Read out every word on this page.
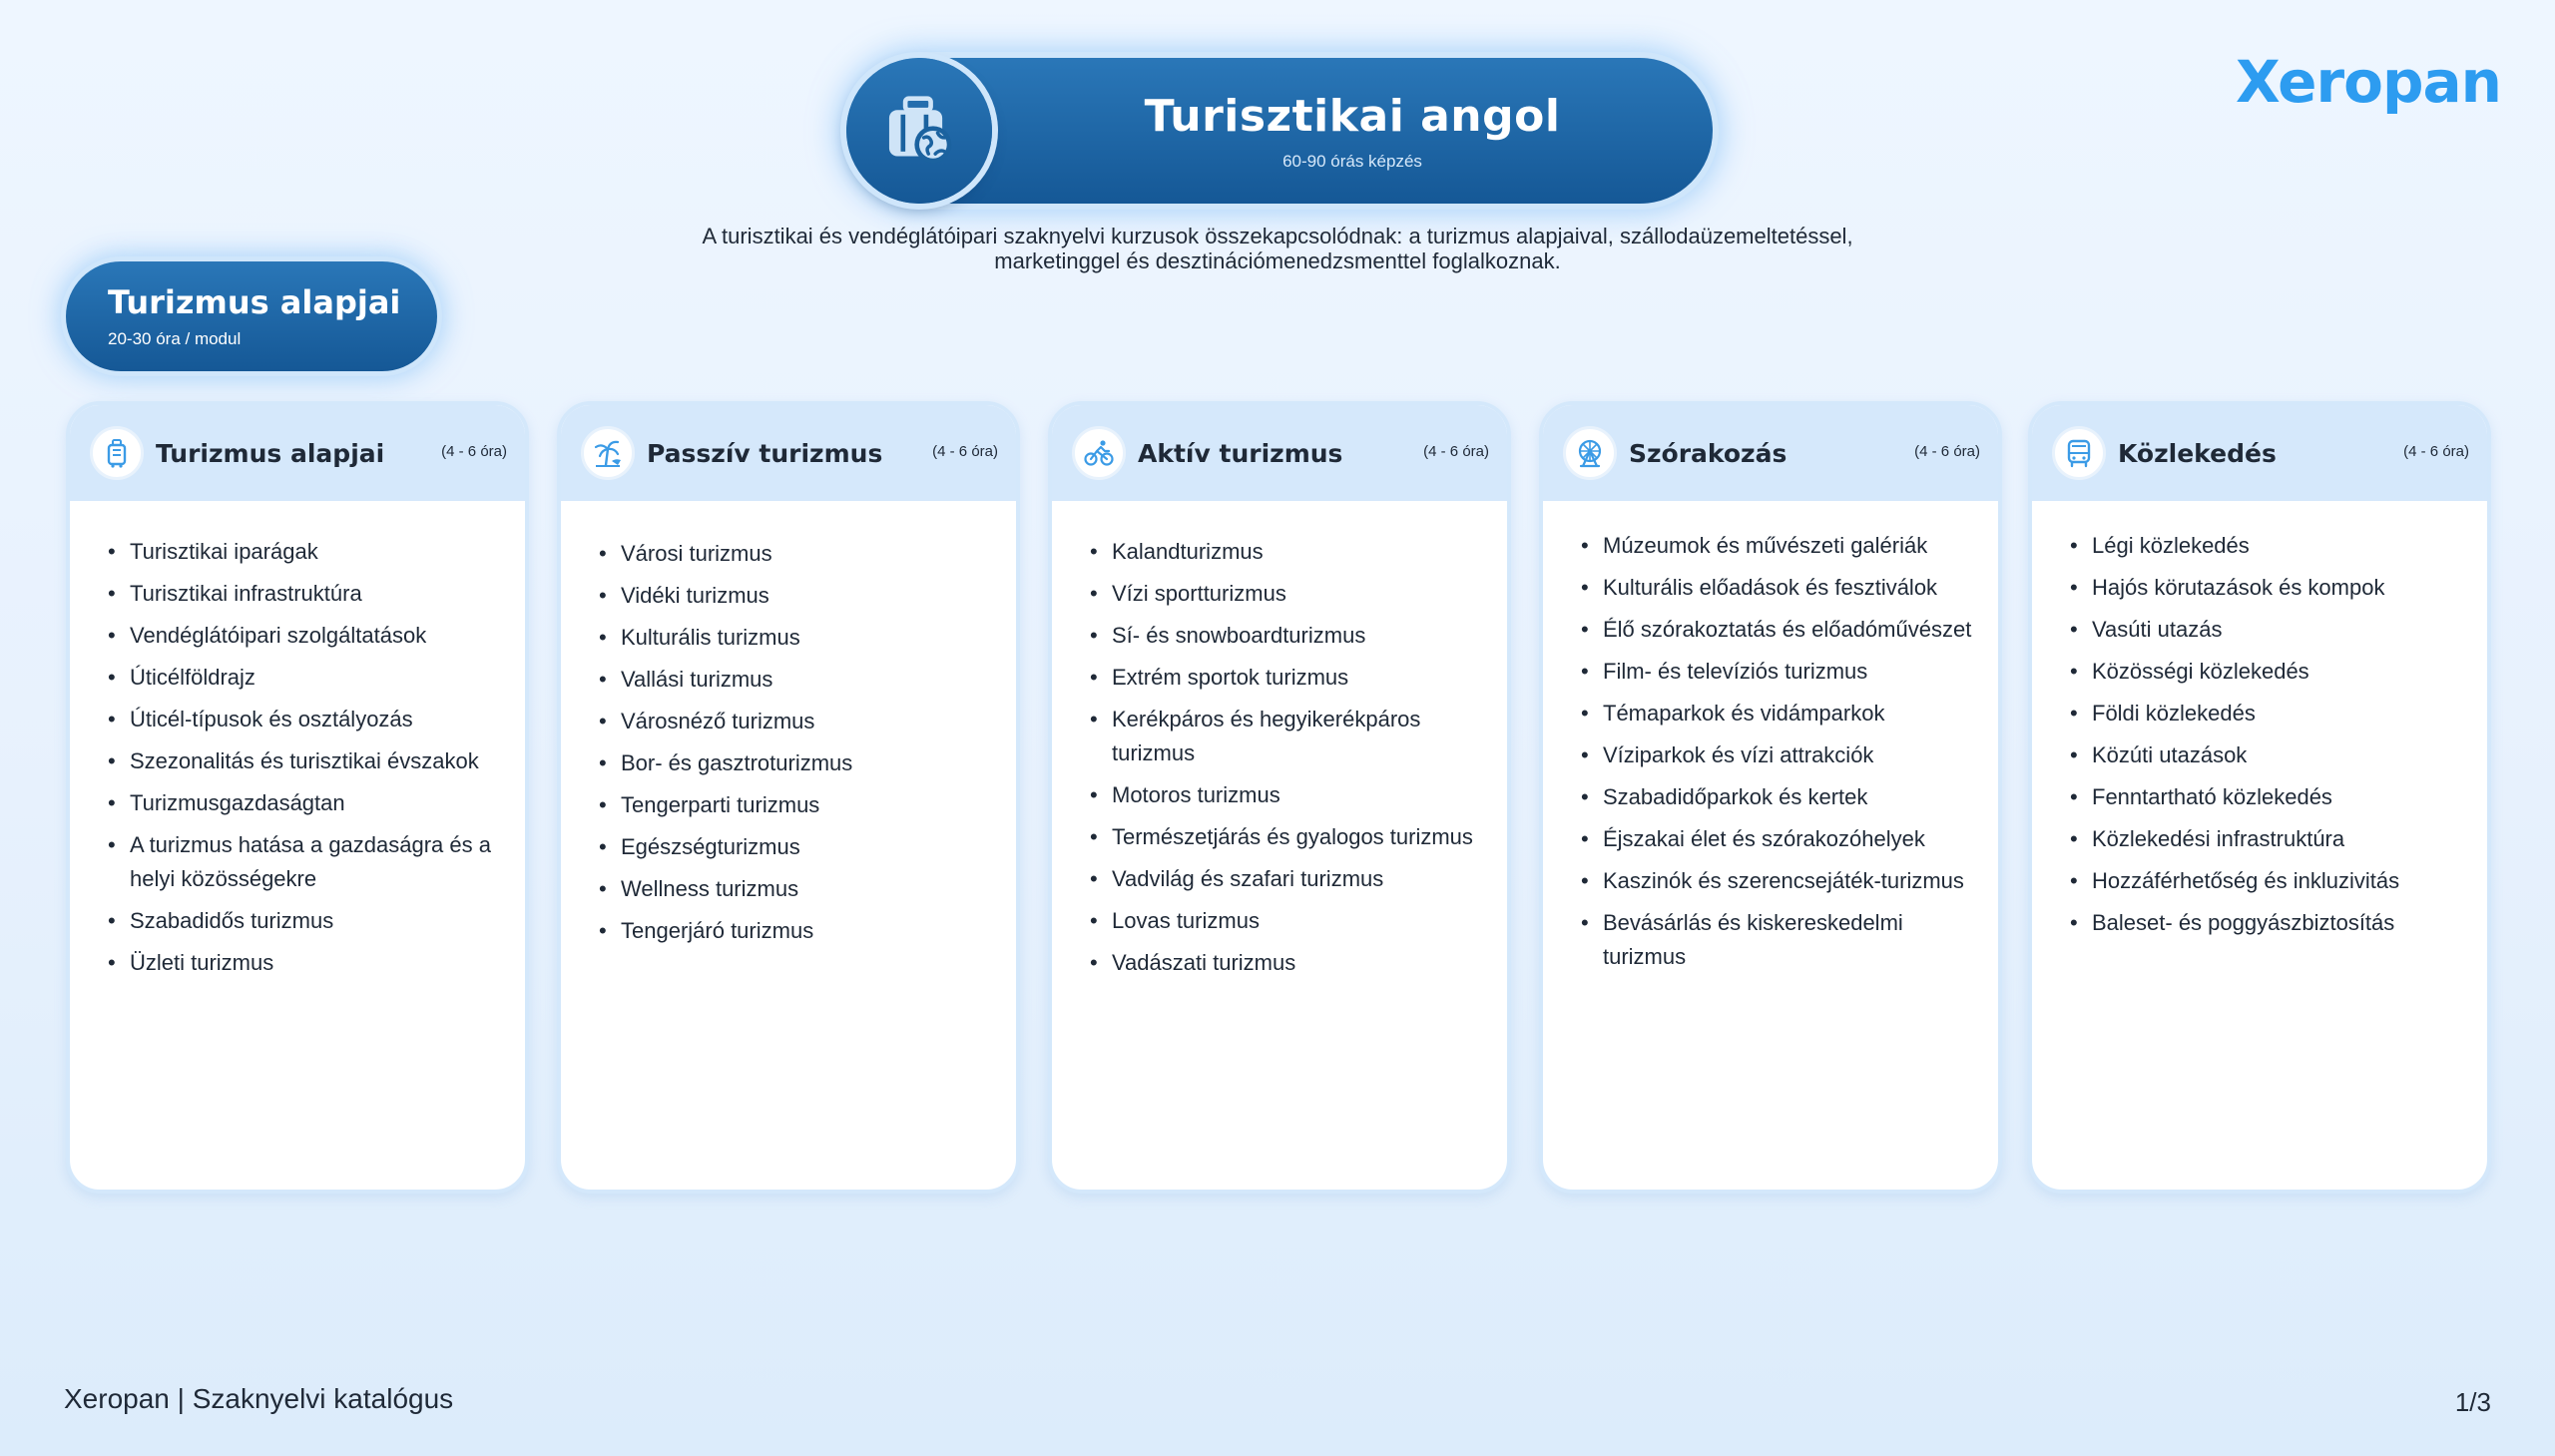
Turisztikai angol
60-90 órás képzés
A turisztikai és vendéglátóipari szaknyelvi kurzusok összekapcsolódnak: a turizmus alapjaival, szállodaüzemeltetéssel, marketinggel és desztinációmenedzsmenttel foglalkoznak.
Xeropan
Turizmus alapjai
20-30 óra / modul
Turizmus alapjai	(4 - 6 óra)
• Turisztikai iparágak
• Turisztikai infrastruktúra
• Vendéglátóipari szolgáltatások
• Úticélföldrajz
• Úticél-típusok és osztályozás
• Szezonalitás és turisztikai évszakok
• Turizmusgazdaságtan
• A turizmus hatása a gazdaságra és a helyi közösségekre
• Szabadidős turizmus
• Üzleti turizmus
Passzív turizmus	(4 - 6 óra)
• Városi turizmus
• Vidéki turizmus
• Kulturális turizmus
• Vallási turizmus
• Városnéző turizmus
• Bor- és gasztroturizmus
• Tengerparti turizmus
• Egészségturizmus
• Wellness turizmus
• Tengerjáró turizmus
Aktív turizmus	(4 - 6 óra)
• Kalandturizmus
• Vízi sportturizmus
• Sí- és snowboardturizmus
• Extrém sportok turizmus
• Kerékpáros és hegyikerékpáros turizmus
• Motoros turizmus
• Természetjárás és gyalogos turizmus
• Vadvilág és szafari turizmus
• Lovas turizmus
• Vadászati turizmus
Szórakozás	(4 - 6 óra)
• Múzeumok és művészeti galériák
• Kulturális előadások és fesztiválok
• Élő szórakoztatás és előadóművészet
• Film- és televíziós turizmus
• Témaparkok és vidámparkok
• Víziparkok és vízi attrakciók
• Szabadidőparkok és kertek
• Éjszakai élet és szórakozóhelyek
• Kaszinók és szerencsejáték-turizmus
• Bevásárlás és kiskereskedelmi turizmus
Közlekedés	(4 - 6 óra)
• Légi közlekedés
• Hajós körutazások és kompok
• Vasúti utazás
• Közösségi közlekedés
• Földi közlekedés
• Közúti utazások
• Fenntartható közlekedés
• Közlekedési infrastruktúra
• Hozzáférhetőség és inkluzivitás
• Baleset- és poggyászbiztosítás
Xeropan | Szaknyelvi katalógus	1/3
